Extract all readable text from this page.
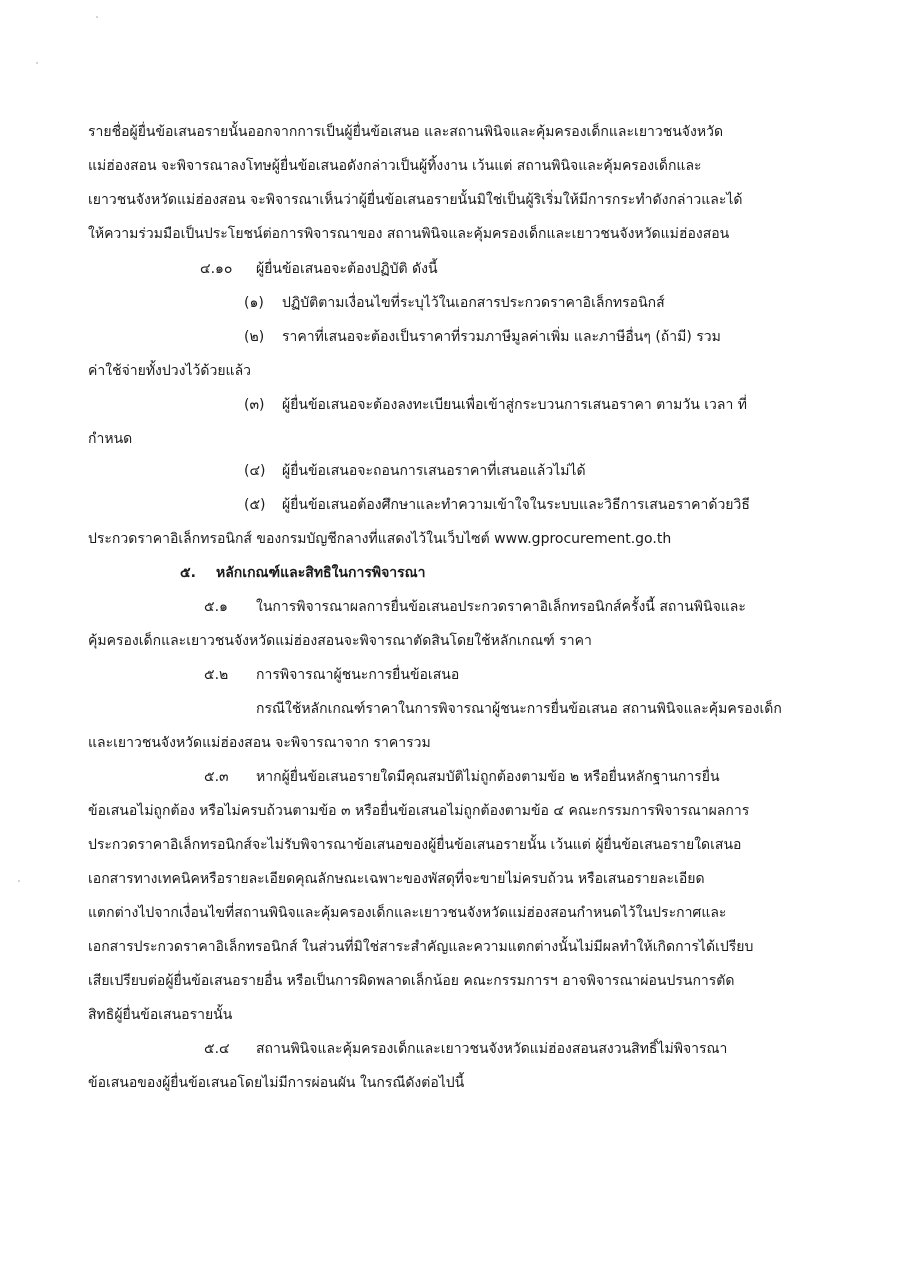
รายชื่อผู้ยื่นข้อเสนอรายนั้นออกจากการเป็นผู้ยื่นข้อเสนอ และสถานพินิจและคุ้มครองเด็กและเยาวชนจังหวัด
แม่ฮ่องสอน จะพิจารณาลงโทษผู้ยื่นข้อเสนอดังกล่าวเป็นผู้ทิ้งงาน เว้นแต่ สถานพินิจและคุ้มครองเด็กและ
เยาวชนจังหวัดแม่ฮ่องสอน จะพิจารณาเห็นว่าผู้ยื่นข้อเสนอรายนั้นมิใช่เป็นผู้ริเริ่มให้มีการกระทำดังกล่าวและได้
ให้ความร่วมมือเป็นประโยชน์ต่อการพิจารณาของ สถานพินิจและคุ้มครองเด็กและเยาวชนจังหวัดแม่ฮ่องสอน
๔.๑๐ ผู้ยื่นข้อเสนอจะต้องปฏิบัติ ดังนี้
(๑) ปฏิบัติตามเงื่อนไขที่ระบุไว้ในเอกสารประกวดราคาอิเล็กทรอนิกส์
(๒) ราคาที่เสนอจะต้องเป็นราคาที่รวมภาษีมูลค่าเพิ่ม และภาษีอื่นๆ (ถ้ามี) รวม
ค่าใช้จ่ายทั้งปวงไว้ด้วยแล้ว
(๓) ผู้ยื่นข้อเสนอจะต้องลงทะเบียนเพื่อเข้าสู่กระบวนการเสนอราคา ตามวัน เวลา ที่
กำหนด
(๔) ผู้ยื่นข้อเสนอจะถอนการเสนอราคาที่เสนอแล้วไม่ได้
(๕) ผู้ยื่นข้อเสนอต้องศึกษาและทำความเข้าใจในระบบและวิธีการเสนอราคาด้วยวิธี
ประกวดราคาอิเล็กทรอนิกส์ ของกรมบัญชีกลางที่แสดงไว้ในเว็บไซต์ www.gprocurement.go.th
๕. หลักเกณฑ์และสิทธิในการพิจารณา
๕.๑ ในการพิจารณาผลการยื่นข้อเสนอประกวดราคาอิเล็กทรอนิกส์ครั้งนี้ สถานพินิจและ
คุ้มครองเด็กและเยาวชนจังหวัดแม่ฮ่องสอนจะพิจารณาตัดสินโดยใช้หลักเกณฑ์ ราคา
๕.๒ การพิจารณาผู้ชนะการยื่นข้อเสนอ
กรณีใช้หลักเกณฑ์ราคาในการพิจารณาผู้ชนะการยื่นข้อเสนอ สถานพินิจและคุ้มครองเด็ก
และเยาวชนจังหวัดแม่ฮ่องสอน จะพิจารณาจาก ราคารวม
๕.๓ หากผู้ยื่นข้อเสนอรายใดมีคุณสมบัติไม่ถูกต้องตามข้อ ๒ หรือยื่นหลักฐานการยื่น
ข้อเสนอไม่ถูกต้อง หรือไม่ครบถ้วนตามข้อ ๓ หรือยื่นข้อเสนอไม่ถูกต้องตามข้อ ๔ คณะกรรมการพิจารณาผลการ
ประกวดราคาอิเล็กทรอนิกส์จะไม่รับพิจารณาข้อเสนอของผู้ยื่นข้อเสนอรายนั้น เว้นแต่ ผู้ยื่นข้อเสนอรายใดเสนอ
เอกสารทางเทคนิคหรือรายละเอียดคุณลักษณะเฉพาะของพัสดุที่จะขายไม่ครบถ้วน หรือเสนอรายละเอียด
แตกต่างไปจากเงื่อนไขที่สถานพินิจและคุ้มครองเด็กและเยาวชนจังหวัดแม่ฮ่องสอนกำหนดไว้ในประกาศและ
เอกสารประกวดราคาอิเล็กทรอนิกส์ ในส่วนที่มิใช่สาระสำคัญและความแตกต่างนั้นไม่มีผลทำให้เกิดการได้เปรียบ
เสียเปรียบต่อผู้ยื่นข้อเสนอรายอื่น หรือเป็นการผิดพลาดเล็กน้อย คณะกรรมการฯ อาจพิจารณาผ่อนปรนการตัด
สิทธิผู้ยื่นข้อเสนอรายนั้น
๕.๔ สถานพินิจและคุ้มครองเด็กและเยาวชนจังหวัดแม่ฮ่องสอนสงวนสิทธิ์ไม่พิจารณา
ข้อเสนอของผู้ยื่นข้อเสนอโดยไม่มีการผ่อนผัน ในกรณีดังต่อไปนี้
